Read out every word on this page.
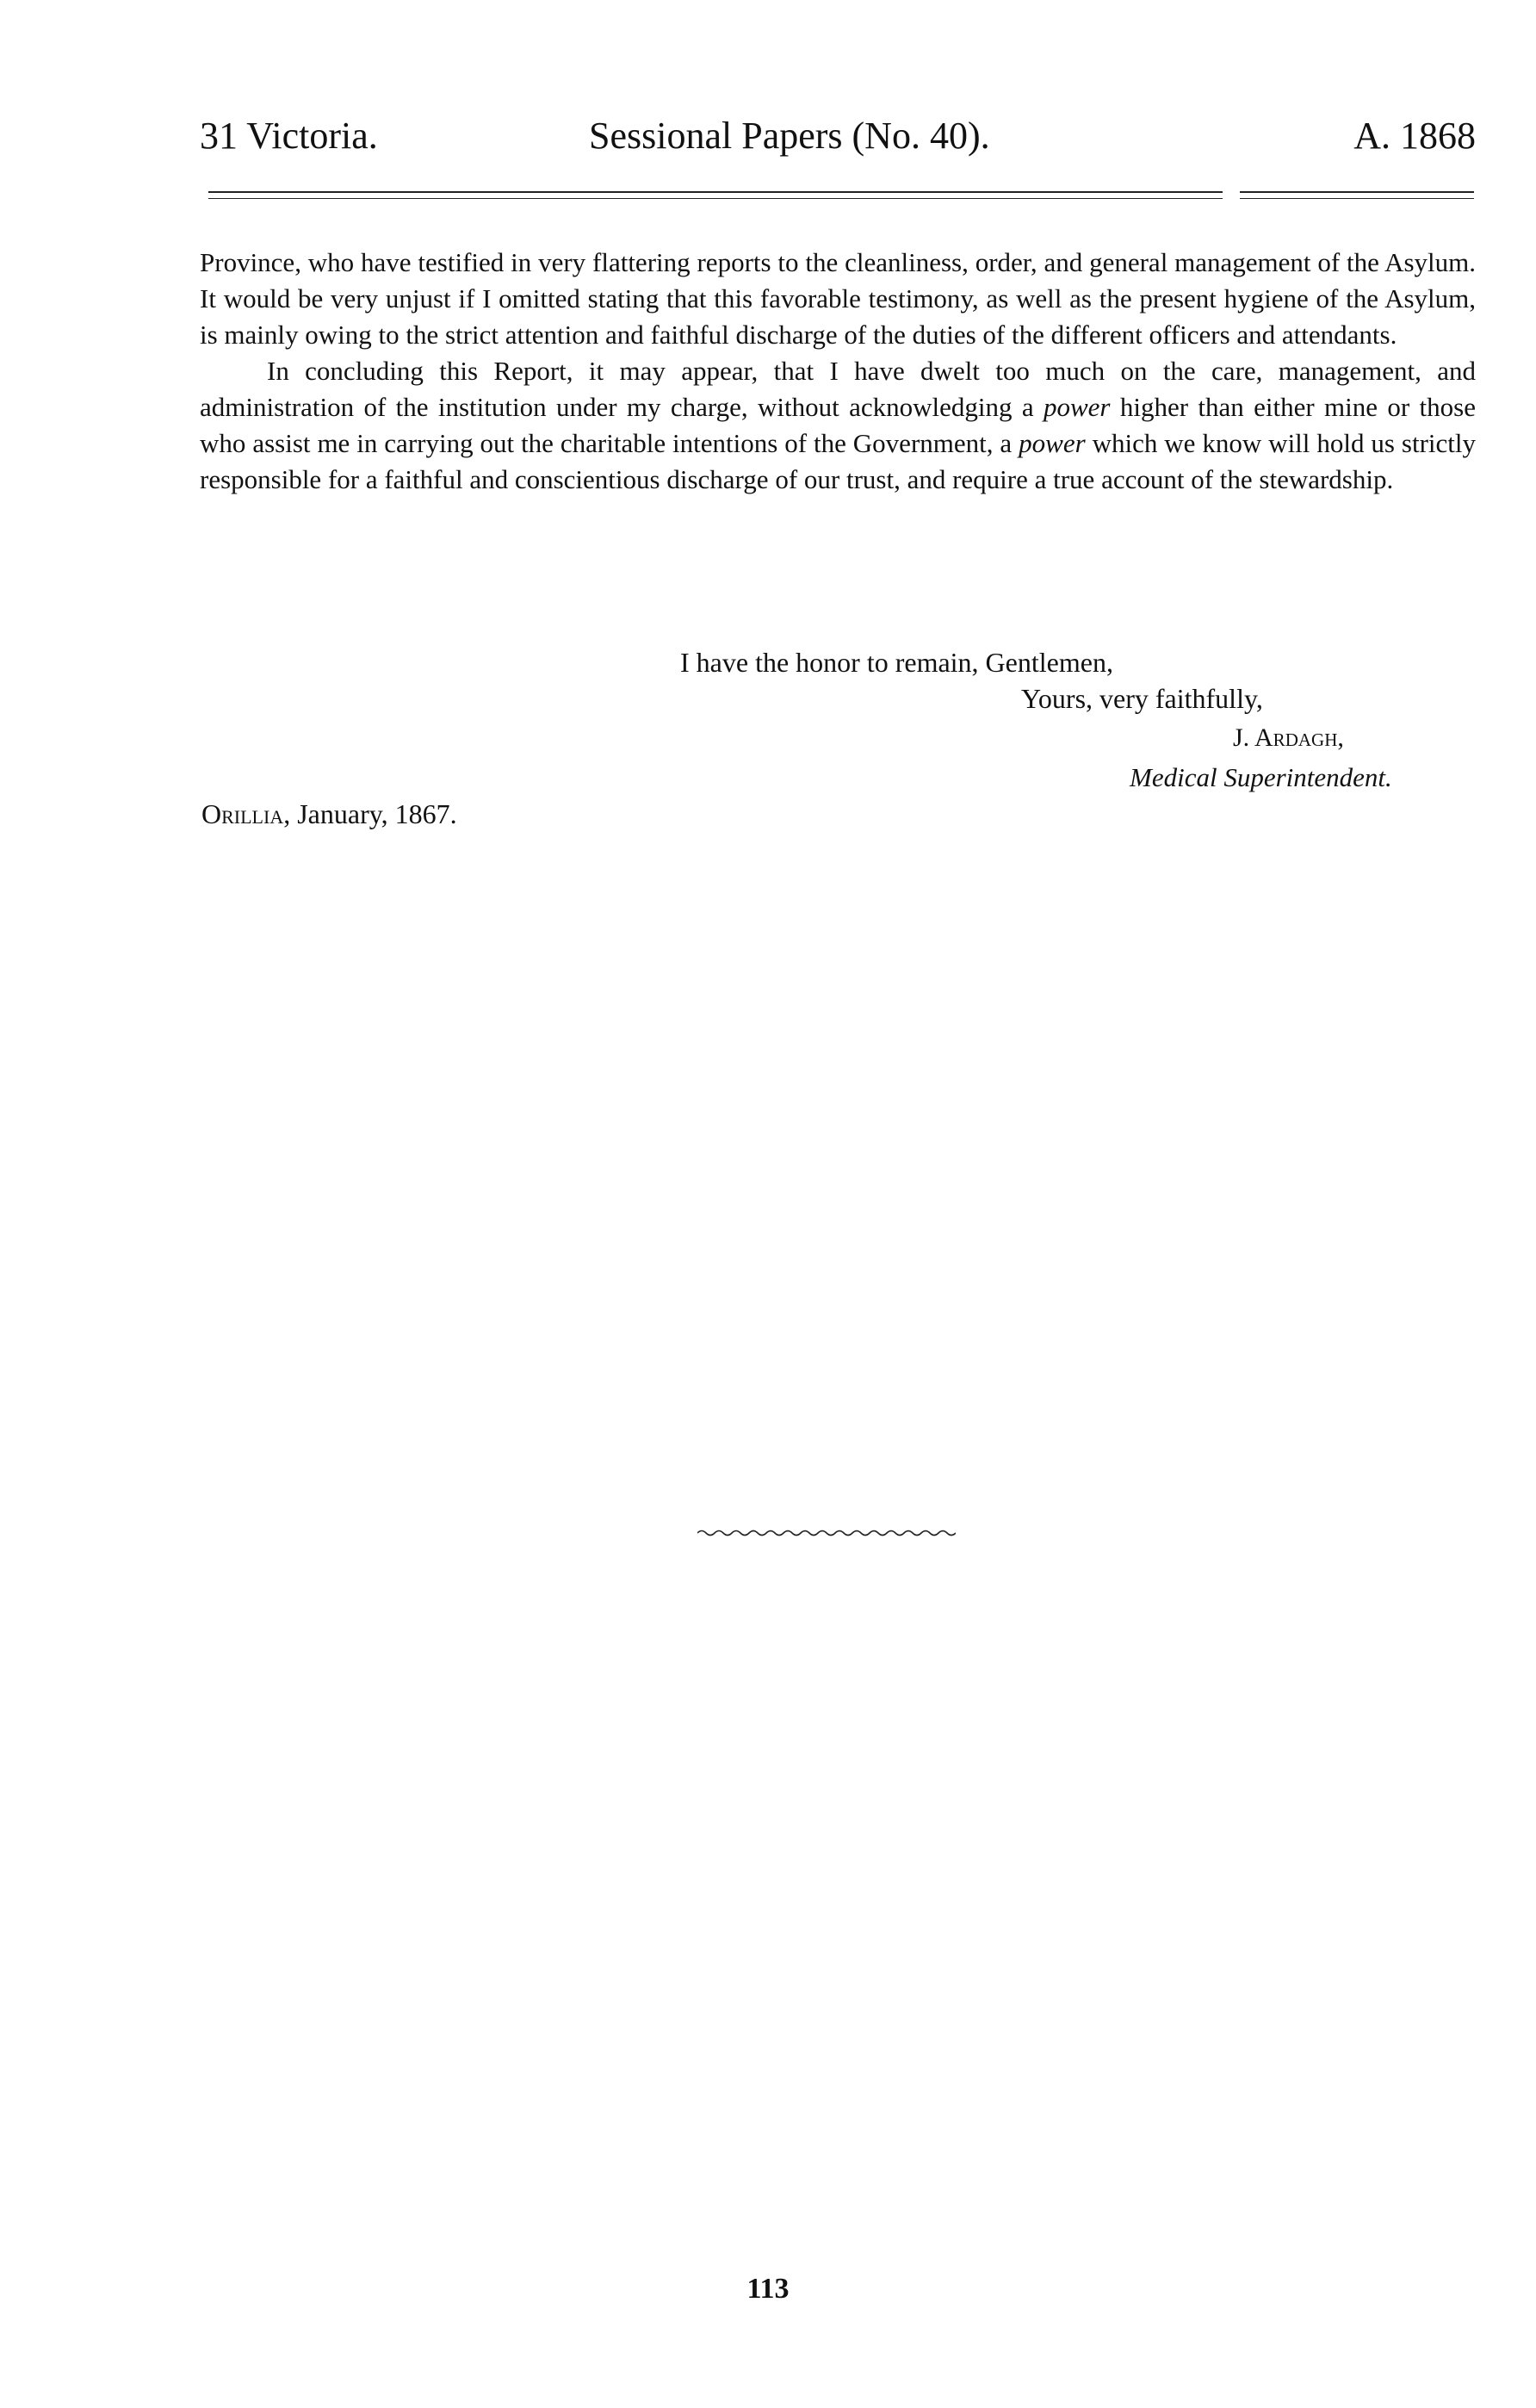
31 Victoria.	Sessional Papers (No. 40).	A. 1868

Province, who have testified in very flattering reports to the cleanliness, order, and general management of the Asylum. It would be very unjust if I omitted stating that this favorable testimony, as well as the present hygiene of the Asylum, is mainly owing to the strict attention and faithful discharge of the duties of the different officers and attendants.

In concluding this Report, it may appear, that I have dwelt too much on the care, management, and administration of the institution under my charge, without acknowledging a power higher than either mine or those who assist me in carrying out the charitable intentions of the Government, a power which we know will hold us strictly responsible for a faithful and conscientious discharge of our trust, and require a true account of the stewardship.

I have the honor to remain, Gentlemen,
Yours, very faithfully,
J. Ardagh,
Medical Superintendent.
Orillia, January, 1867.
113
